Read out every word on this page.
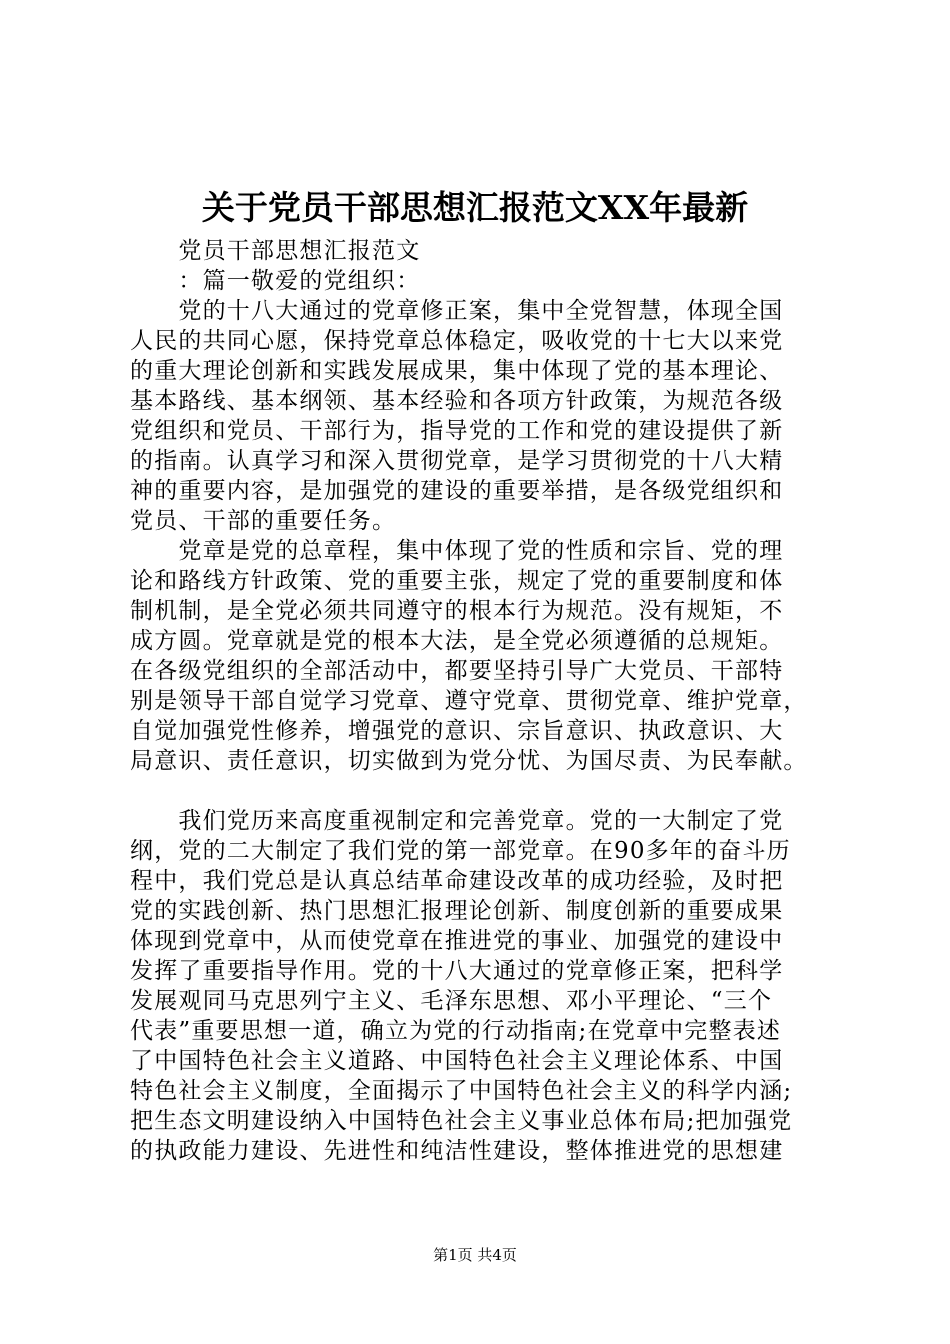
关于党员干部思想汇报范文XX年最新
　　党员干部思想汇报范文
　　：篇一敬爱的党组织：
　　党的十八大通过的党章修正案，集中全党智慧，体现全国
人民的共同心愿，保持党章总体稳定，吸收党的十七大以来党
的重大理论创新和实践发展成果，集中体现了党的基本理论、
基本路线、基本纲领、基本经验和各项方针政策，为规范各级
党组织和党员、干部行为，指导党的工作和党的建设提供了新
的指南。认真学习和深入贯彻党章，是学习贯彻党的十八大精
神的重要内容，是加强党的建设的重要举措，是各级党组织和
党员、干部的重要任务。
　　党章是党的总章程，集中体现了党的性质和宗旨、党的理
论和路线方针政策、党的重要主张，规定了党的重要制度和体
制机制，是全党必须共同遵守的根本行为规范。没有规矩，不
成方圆。党章就是党的根本大法，是全党必须遵循的总规矩。
在各级党组织的全部活动中，都要坚持引导广大党员、干部特
别是领导干部自觉学习党章、遵守党章、贯彻党章、维护党章，
自觉加强党性修养，增强党的意识、宗旨意识、执政意识、大
局意识、责任意识，切实做到为党分忧、为国尽责、为民奉献。
　　我们党历来高度重视制定和完善党章。党的一大制定了党
纲，党的二大制定了我们党的第一部党章。在90多年的奋斗历
程中，我们党总是认真总结革命建设改革的成功经验，及时把
党的实践创新、热门思想汇报理论创新、制度创新的重要成果
体现到党章中，从而使党章在推进党的事业、加强党的建设中
发挥了重要指导作用。党的十八大通过的党章修正案，把科学
发展观同马克思列宁主义、毛泽东思想、邓小平理论、“三个
代表”重要思想一道，确立为党的行动指南;在党章中完整表述
了中国特色社会主义道路、中国特色社会主义理论体系、中国
特色社会主义制度，全面揭示了中国特色社会主义的科学内涵;
把生态文明建设纳入中国特色社会主义事业总体布局;把加强党
的执政能力建设、先进性和纯洁性建设，整体推进党的思想建
第1页 共4页
